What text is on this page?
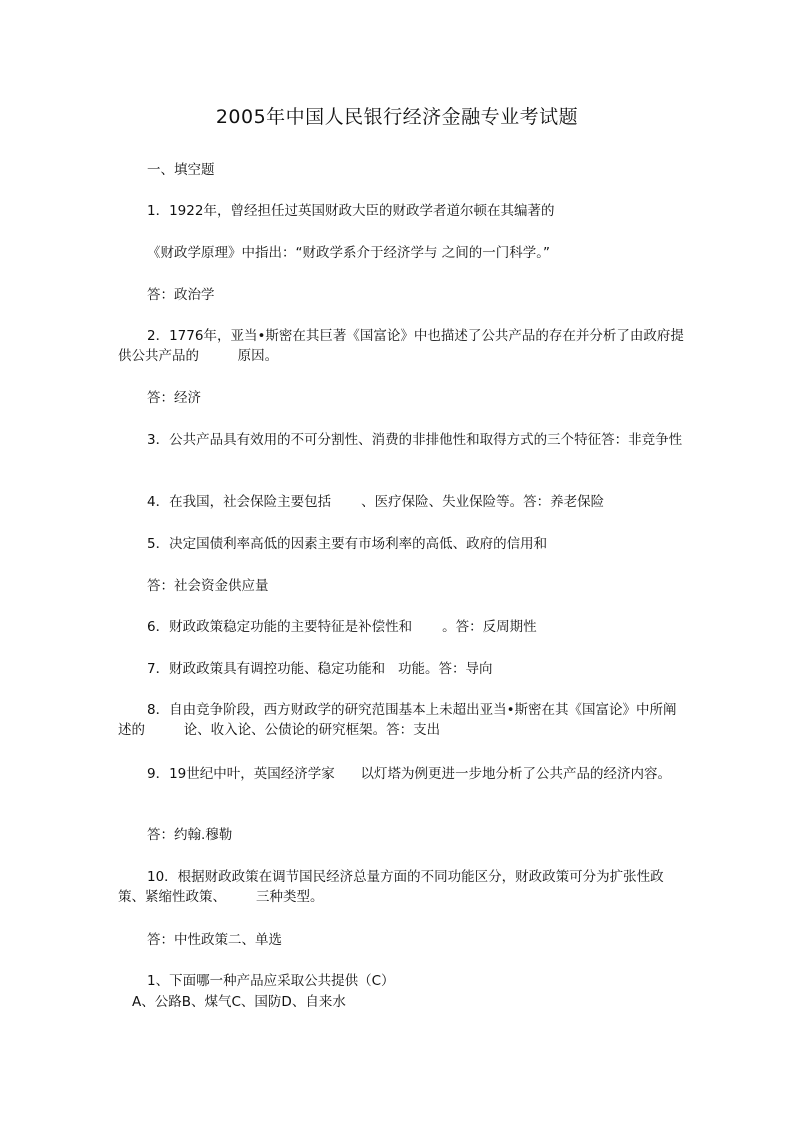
2005年中国人民银行经济金融专业考试题
一、填空题
1．1922年，曾经担任过英国财政大臣的财政学者道尔顿在其编著的
《财政学原理》中指出：“财政学系介于经济学与 之间的一门科学。”
答：政治学
2．1776年，亚当•斯密在其巨著《国富论》中也描述了公共产品的存在并分析了由政府提供公共产品的         原因。
答：经济
3．公共产品具有效用的不可分割性、消费的非排他性和取得方式的三个特征答：非竞争性
4．在我国，社会保险主要包括       、医疗保险、失业保险等。答：养老保险
5．决定国债利率高低的因素主要有市场利率的高低、政府的信用和
答：社会资金供应量
6．财政政策稳定功能的主要特征是补偿性和       。答：反周期性
7．财政政策具有调控功能、稳定功能和   功能。答：导向
8．自由竞争阶段，西方财政学的研究范围基本上未超出亚当•斯密在其《国富论》中所阐述的         论、收入论、公债论的研究框架。答：支出
9．19世纪中叶，英国经济学家      以灯塔为例更进一步地分析了公共产品的经济内容。
答：约翰.穆勒
10．根据财政政策在调节国民经济总量方面的不同功能区分，财政政策可分为扩张性政策、紧缩性政策、       三种类型。
答：中性政策二、单选
1、下面哪一种产品应采取公共提供（C）
A、公路B、煤气C、国防D、自来水
